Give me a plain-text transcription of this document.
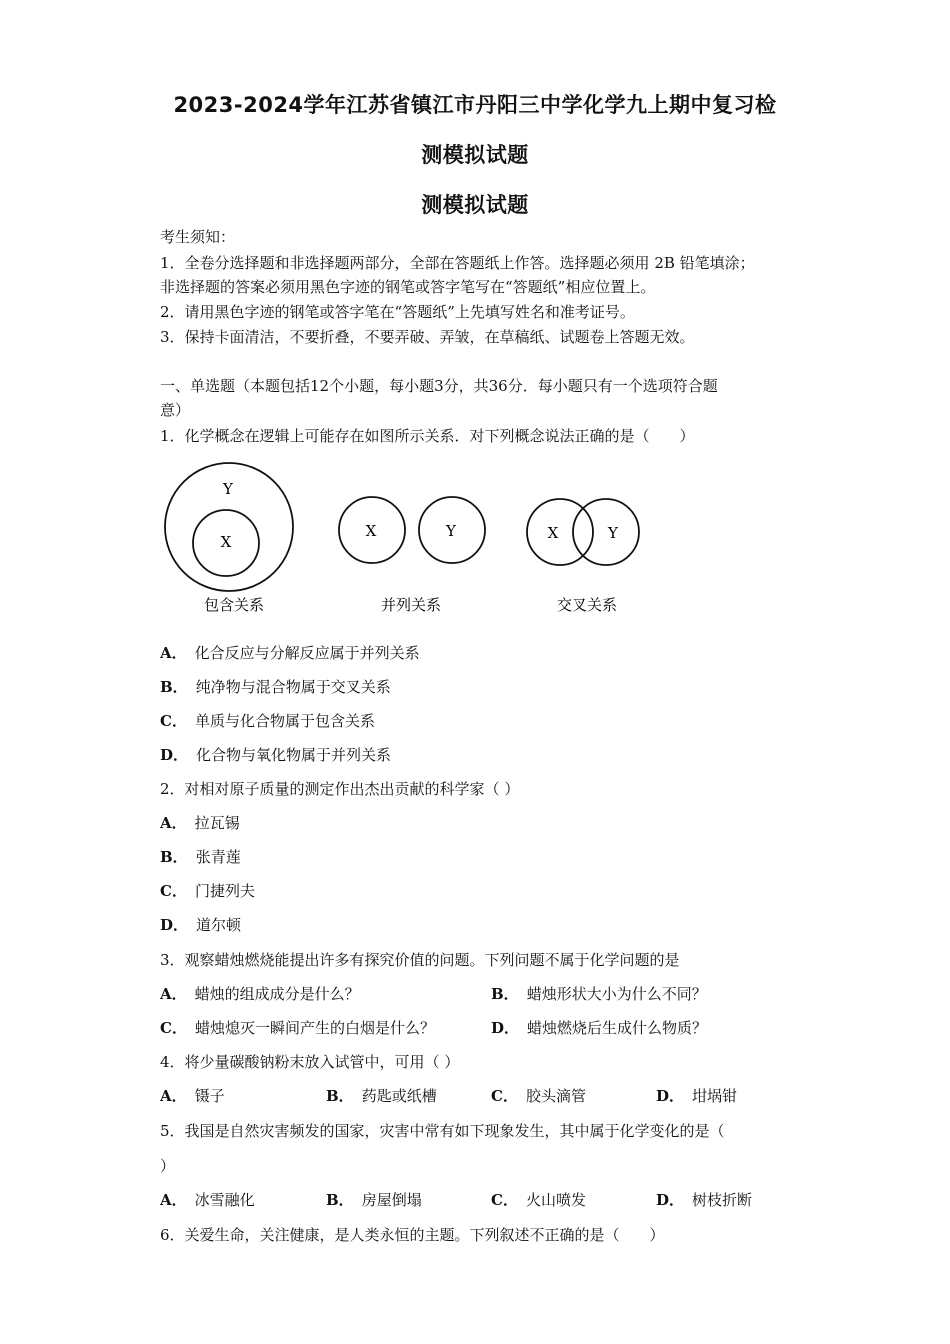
2023-2024学年江苏省镇江市丹阳三中学化学九上期中复习检
测模拟试题
测模拟试题
考生须知：
1．全卷分选择题和非选择题两部分，全部在答题纸上作答。选择题必须用 2B 铅笔填涂；
非选择题的答案必须用黑色字迹的钢笔或答字笔写在“答题纸”相应位置上。
2．请用黑色字迹的钢笔或答字笔在“答题纸”上先填写姓名和准考证号。
3．保持卡面清洁，不要折叠，不要弄破、弄皱，在草稿纸、试题卷上答题无效。
一、单选题（本题包括12个小题，每小题3分，共36分．每小题只有一个选项符合题
意）
1．化学概念在逻辑上可能存在如图所示关系．对下列概念说法正确的是（　　）
Y
X
包含关系
X	Y
并列关系
X	Y
交叉关系
A． 化合反应与分解反应属于并列关系
B． 纯净物与混合物属于交叉关系
C． 单质与化合物属于包含关系
D． 化合物与氧化物属于并列关系
2．对相对原子质量的测定作出杰出贡献的科学家（ ）
A． 拉瓦锡
B． 张青莲
C． 门捷列夫
D． 道尔顿
3．观察蜡烛燃烧能提出许多有探究价值的问题。下列问题不属于化学问题的是
A． 蜡烛的组成成分是什么？	B． 蜡烛形状大小为什么不同？
C． 蜡烛熄灭一瞬间产生的白烟是什么？	D． 蜡烛燃烧后生成什么物质？
4．将少量碳酸钠粉末放入试管中，可用（ ）
A． 镊子	B． 药匙或纸槽	C． 胶头滴管	D． 坩埚钳
5．我国是自然灾害频发的国家，灾害中常有如下现象发生，其中属于化学变化的是（
）
A． 冰雪融化	B． 房屋倒塌	C． 火山喷发	D． 树枝折断
6．关爱生命，关注健康，是人类永恒的主题。下列叙述不正确的是（　　）
